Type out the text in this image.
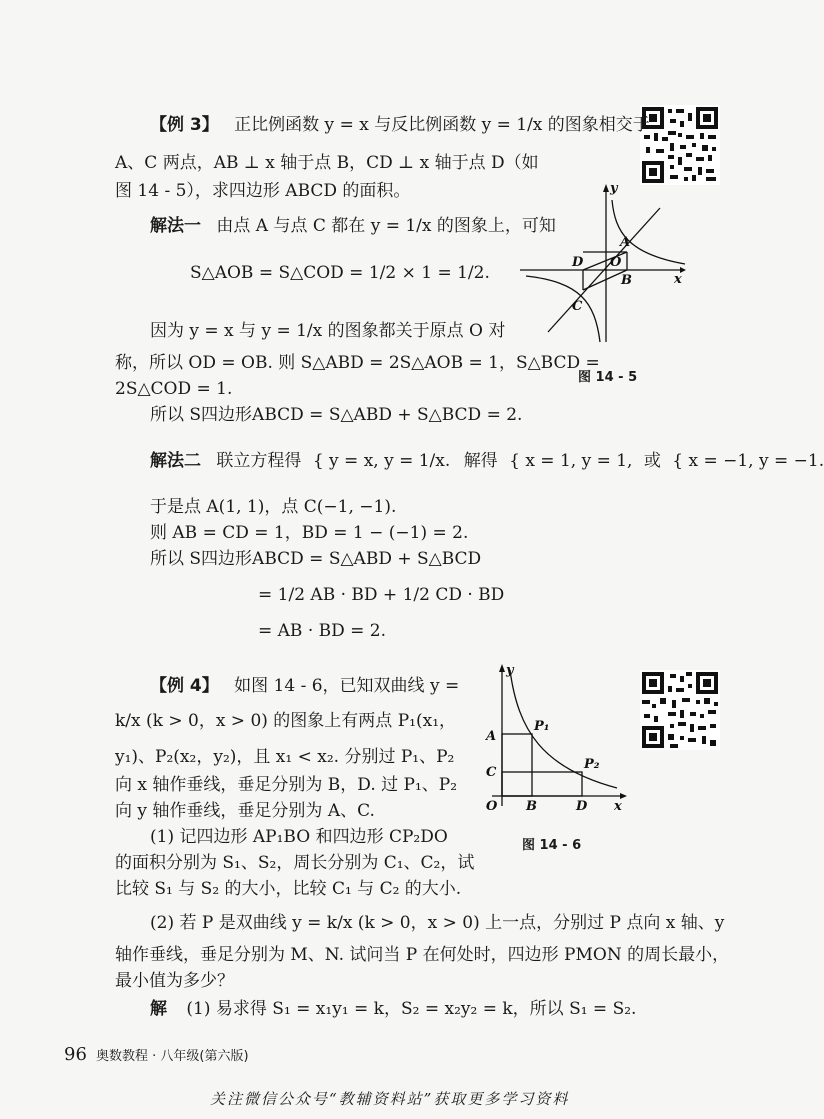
【例 3】 正比例函数 y = x 与反比例函数 y = 1/x 的图象相交于
A、C 两点，AB ⊥ x 轴于点 B，CD ⊥ x 轴于点 D（如
图 14 - 5），求四边形 ABCD 的面积。
解法一 由点 A 与点 C 都在 y = 1/x 的图象上，可知
S△AOB = S△COD = 1/2 × 1 = 1/2.
因为 y = x 与 y = 1/x 的图象都关于原点 O 对
称，所以 OD = OB. 则 S△ABD = 2S△AOB = 1，S△BCD =
2S△COD = 1.
所以 S四边形ABCD = S△ABD + S△BCD = 2.
解法二 联立方程得 { y = x, y = 1/x. 解得 { x = 1, y = 1, 或 { x = −1, y = −1.
于是点 A(1, 1)，点 C(−1, −1).
则 AB = CD = 1，BD = 1 − (−1) = 2.
所以 S四边形ABCD = S△ABD + S△BCD
= 1/2 AB · BD + 1/2 CD · BD
= AB · BD = 2.
y
x
A
O
D
B
C
图 14 - 5
【例 4】 如图 14 - 6，已知双曲线 y =
k/x (k > 0，x > 0) 的图象上有两点 P₁(x₁，
y₁)、P₂(x₂，y₂)，且 x₁ < x₂. 分别过 P₁、P₂
向 x 轴作垂线，垂足分别为 B，D. 过 P₁、P₂
向 y 轴作垂线，垂足分别为 A、C.
(1) 记四边形 AP₁BO 和四边形 CP₂DO
的面积分别为 S₁、S₂，周长分别为 C₁、C₂，试
比较 S₁ 与 S₂ 的大小，比较 C₁ 与 C₂ 的大小.
(2) 若 P 是双曲线 y = k/x (k > 0，x > 0) 上一点，分别过 P 点向 x 轴、y
轴作垂线，垂足分别为 M、N. 试问当 P 在何处时，四边形 PMON 的周长最小，
最小值为多少？
解 (1) 易求得 S₁ = x₁y₁ = k，S₂ = x₂y₂ = k，所以 S₁ = S₂.
y
x
A
C
O B	D
P₁
P₂
图 14 - 6
96 奥数教程 · 八年级(第六版)
关注微信公众号“教辅资料站”获取更多学习资料
